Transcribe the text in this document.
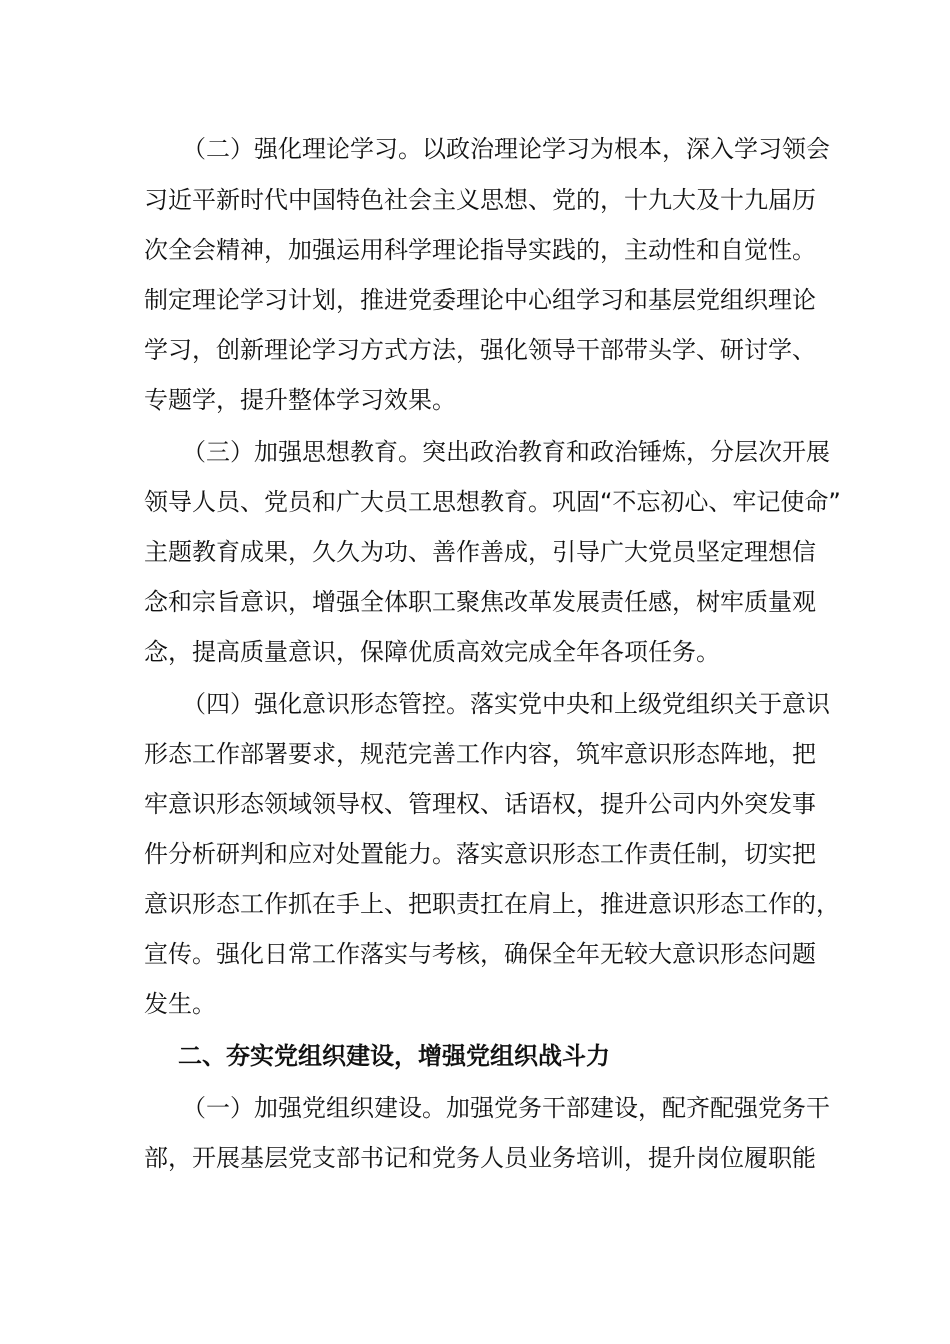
（二）强化理论学习。以政治理论学习为根本，深入学习领会
习近平新时代中国特色社会主义思想、党的，十九大及十九届历
次全会精神，加强运用科学理论指导实践的，主动性和自觉性。
制定理论学习计划，推进党委理论中心组学习和基层党组织理论
学习，创新理论学习方式方法，强化领导干部带头学、研讨学、
专题学，提升整体学习效果。
（三）加强思想教育。突出政治教育和政治锤炼，分层次开展
领导人员、党员和广大员工思想教育。巩固“不忘初心、牢记使命”
主题教育成果，久久为功、善作善成，引导广大党员坚定理想信
念和宗旨意识，增强全体职工聚焦改革发展责任感，树牢质量观
念，提高质量意识，保障优质高效完成全年各项任务。
（四）强化意识形态管控。落实党中央和上级党组织关于意识
形态工作部署要求，规范完善工作内容，筑牢意识形态阵地，把
牢意识形态领域领导权、管理权、话语权，提升公司内外突发事
件分析研判和应对处置能力。落实意识形态工作责任制，切实把
意识形态工作抓在手上、把职责扛在肩上，推进意识形态工作的，
宣传。强化日常工作落实与考核，确保全年无较大意识形态问题
发生。
二、夯实党组织建设，增强党组织战斗力
（一）加强党组织建设。加强党务干部建设，配齐配强党务干
部，开展基层党支部书记和党务人员业务培训，提升岗位履职能
